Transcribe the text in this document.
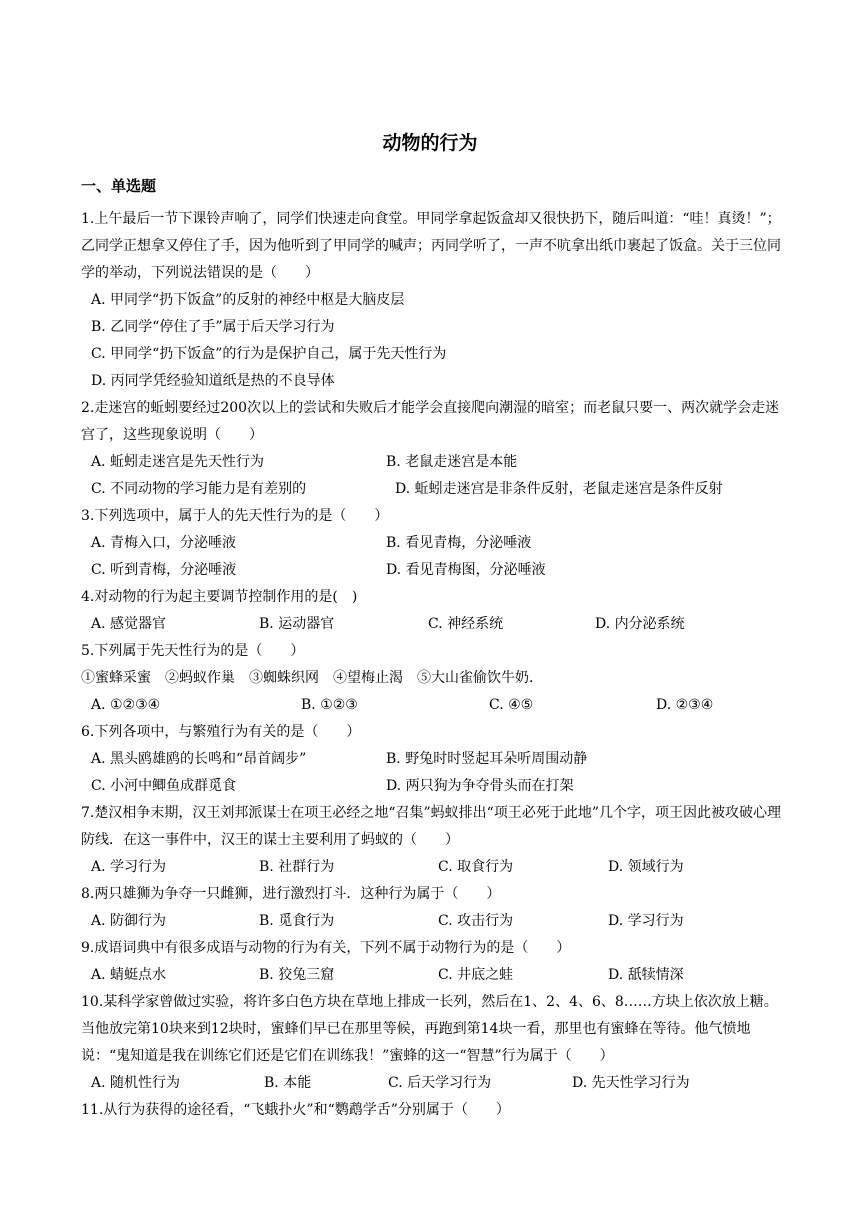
动物的行为
一、单选题

1.上午最后一节下课铃声响了，同学们快速走向食堂。甲同学拿起饭盒却又很快扔下，随后叫道：“哇！真烫！”；乙同学正想拿又停住了手，因为他听到了甲同学的喊声；丙同学听了，一声不吭拿出纸巾裹起了饭盒。关于三位同学的举动，下列说法错误的是（　　）

A. 甲同学“扔下饭盒”的反射的神经中枢是大脑皮层
B. 乙同学“停住了手”属于后天学习行为
C. 甲同学“扔下饭盒”的行为是保护自己，属于先天性行为
D. 丙同学凭经验知道纸是热的不良导体

2.走迷宫的蚯蚓要经过200次以上的尝试和失败后才能学会直接爬向潮湿的暗室；而老鼠只要一、两次就学会走迷宫了，这些现象说明（　　）

A. 蚯蚓走迷宫是先天性行为	B. 老鼠走迷宫是本能
C. 不同动物的学习能力是有差别的	D. 蚯蚓走迷宫是非条件反射，老鼠走迷宫是条件反射

3.下列选项中，属于人的先天性行为的是（　　）

A. 青梅入口，分泌唾液	B. 看见青梅，分泌唾液
C. 听到青梅，分泌唾液	D. 看见青梅图，分泌唾液

4.对动物的行为起主要调节控制作用的是(　)

A. 感觉器官	B. 运动器官	C. 神经系统	D. 内分泌系统

5.下列属于先天性行为的是（　　）

①蜜蜂采蜜　②蚂蚁作巢　③蜘蛛织网　④望梅止渴　⑤大山雀偷饮牛奶．

A. ①②③④	B. ①②③	C. ④⑤	D. ②③④

6.下列各项中，与繁殖行为有关的是（　　）

A. 黑头鸥雄鸥的长鸣和“昂首阔步”	B. 野兔时时竖起耳朵听周围动静
C. 小河中鲫鱼成群觅食	D. 两只狗为争夺骨头而在打架

7.楚汉相争末期，汉王刘邦派谋士在项王必经之地“召集”蚂蚁排出“项王必死于此地”几个字，项王因此被攻破心理防线．在这一事件中，汉王的谋士主要利用了蚂蚁的（　　）

A. 学习行为	B. 社群行为	C. 取食行为	D. 领域行为

8.两只雄狮为争夺一只雌狮，进行激烈打斗．这种行为属于（　　）

A. 防御行为	B. 觅食行为	C. 攻击行为	D. 学习行为

9.成语词典中有很多成语与动物的行为有关，下列不属于动物行为的是（　　）

A. 蜻蜓点水	B. 狡兔三窟	C. 井底之蛙	D. 舐犊情深

10.某科学家曾做过实验，将许多白色方块在草地上排成一长列，然后在1、2、4、6、8……方块上依次放上糖。当他放完第10块来到12块时，蜜蜂们早已在那里等候，再跑到第14块一看，那里也有蜜蜂在等待。他气愤地说：“鬼知道是我在训练它们还是它们在训练我！”蜜蜂的这一“智慧”行为属于（　　）

A. 随机性行为	B. 本能	C. 后天学习行为	D. 先天性学习行为

11.从行为获得的途径看，“飞蛾扑火”和“鹦鹉学舌”分别属于（　　）
